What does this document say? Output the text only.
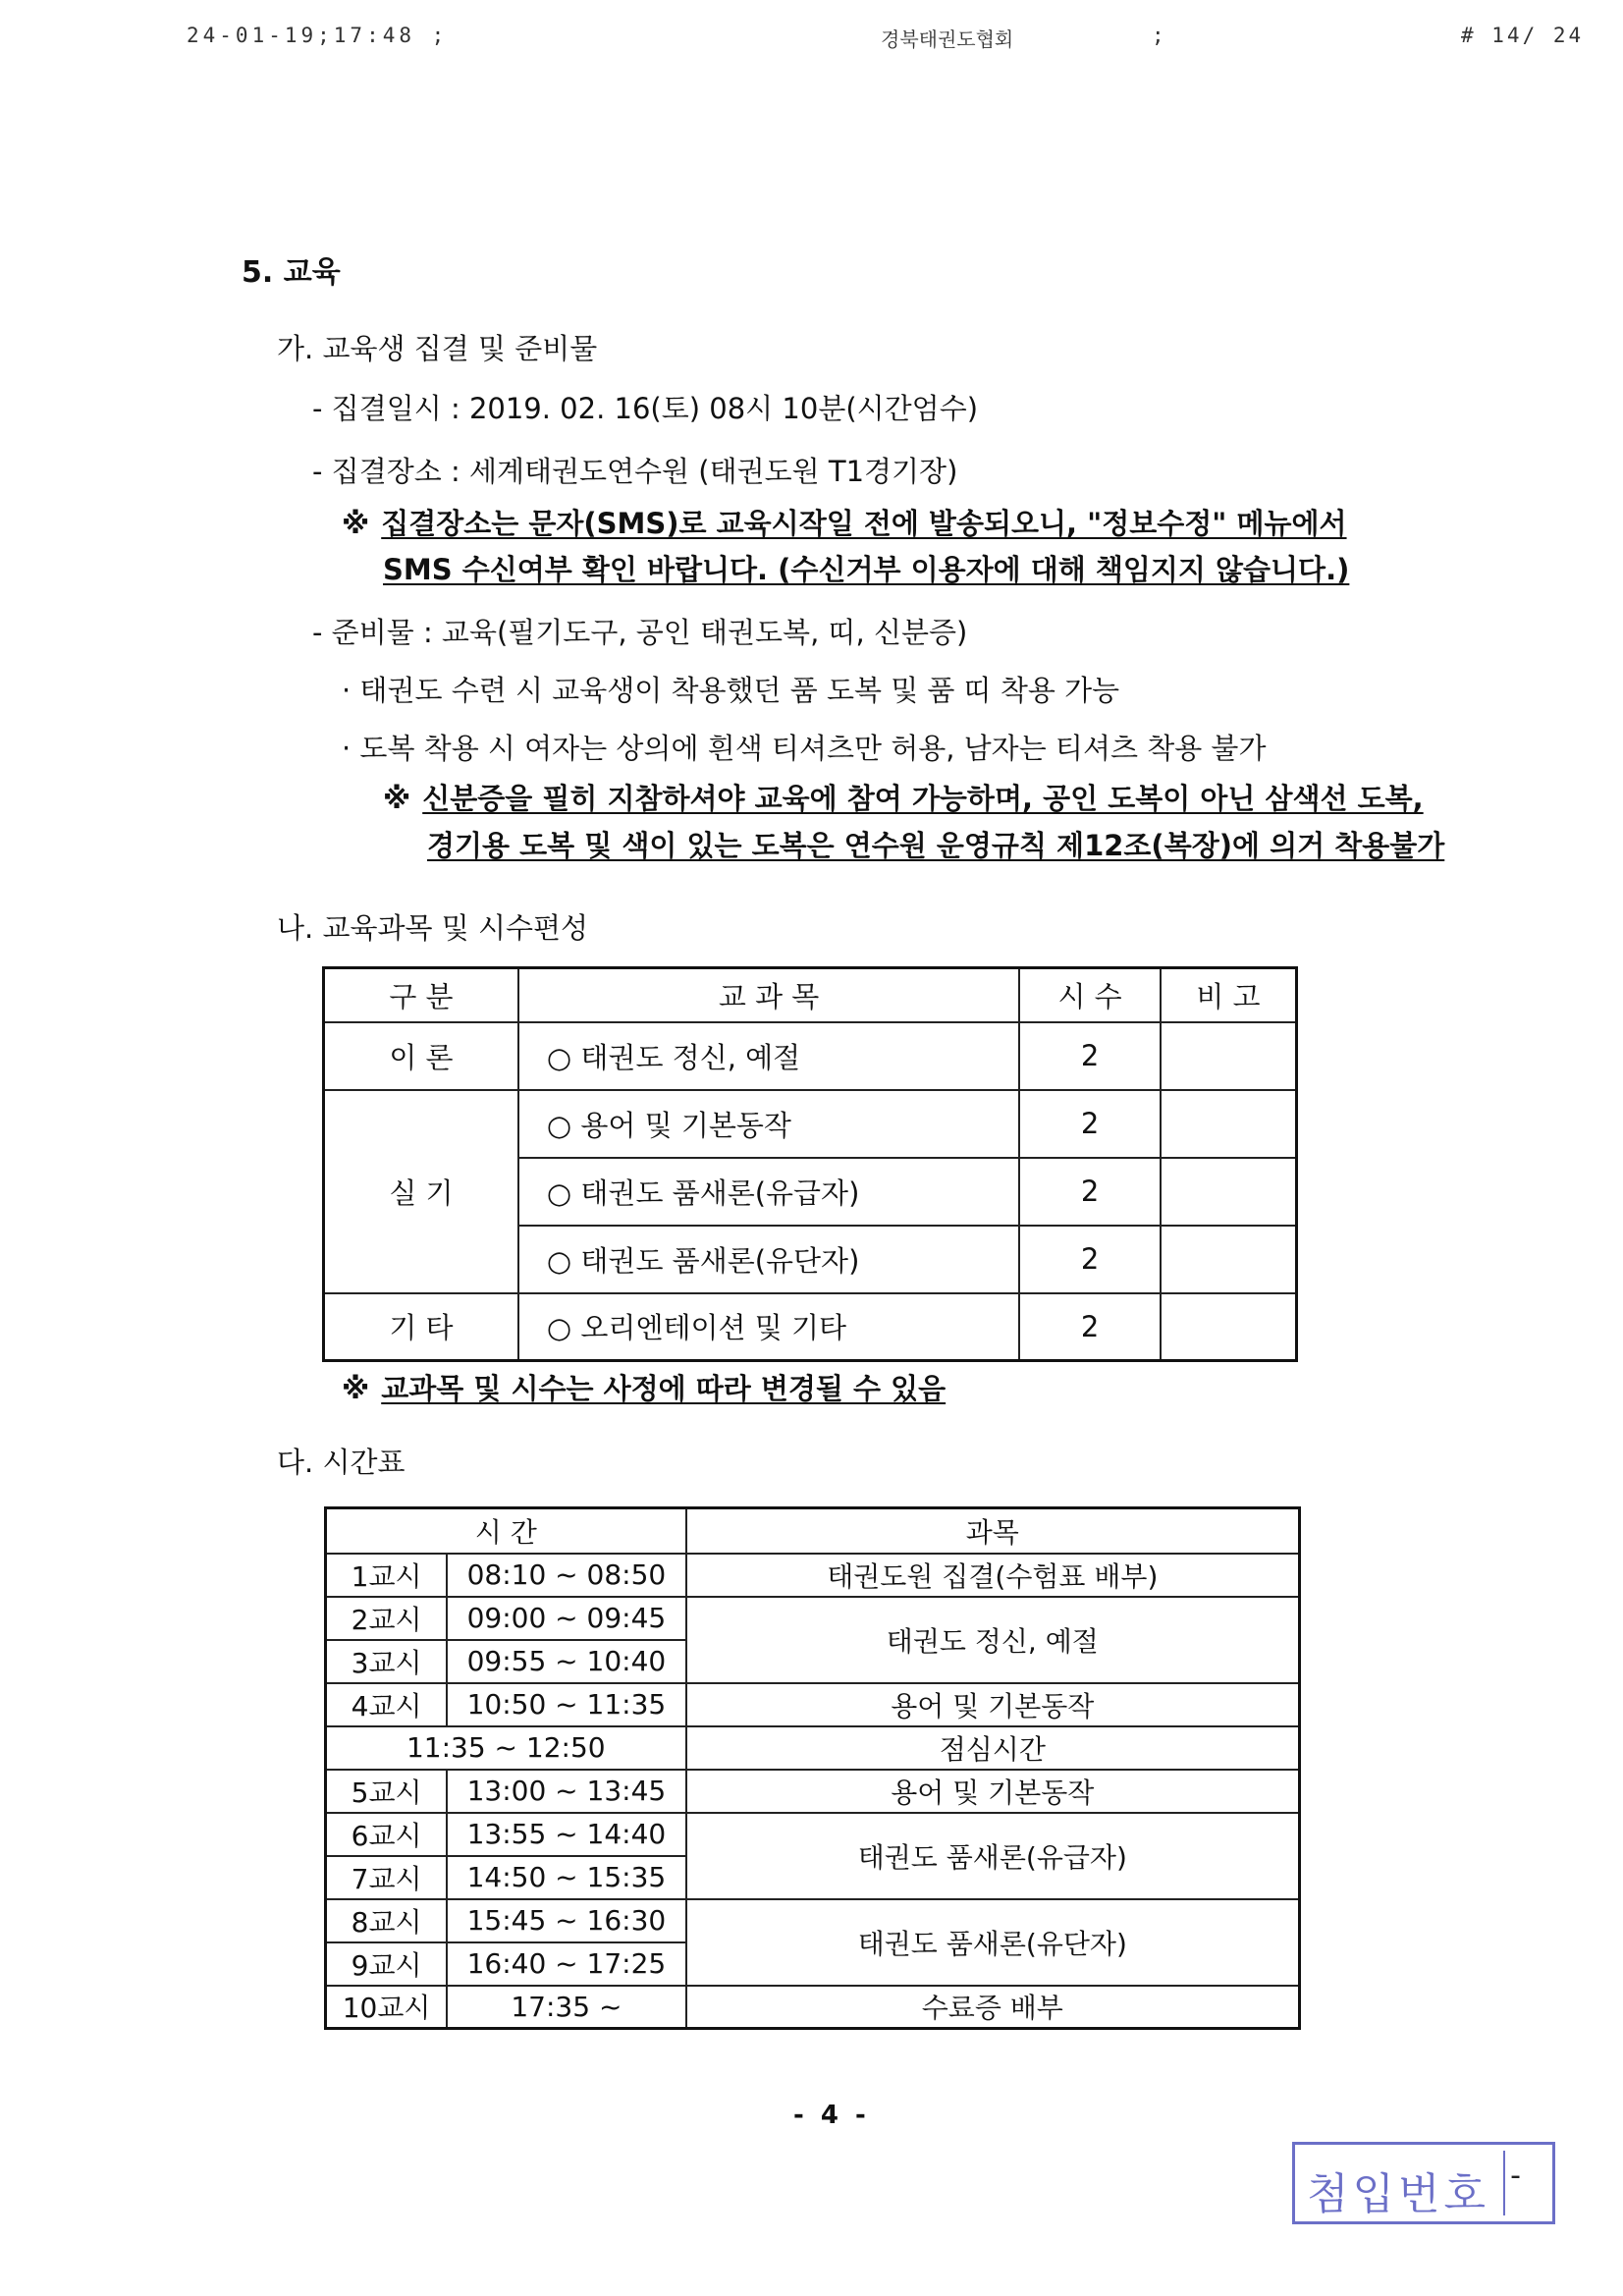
24-01-19;17:48 ;	경북태권도협회	;	# 14/ 24
5. 교육
가. 교육생 집결 및 준비물
- 집결일시 : 2019. 02. 16(토) 08시 10분(시간엄수)
- 집결장소 : 세계태권도연수원 (태권도원 T1경기장)
※ 집결장소는 문자(SMS)로 교육시작일 전에 발송되오니, "정보수정" 메뉴에서
SMS 수신여부 확인 바랍니다. (수신거부 이용자에 대해 책임지지 않습니다.)
- 준비물 : 교육(필기도구, 공인 태권도복, 띠, 신분증)
· 태권도 수련 시 교육생이 착용했던 품 도복 및 품 띠 착용 가능
· 도복 착용 시 여자는 상의에 흰색 티셔츠만 허용, 남자는 티셔츠 착용 불가
※ 신분증을 필히 지참하셔야 교육에 참여 가능하며, 공인 도복이 아닌 삼색선 도복,
경기용 도복 및 색이 있는 도복은 연수원 운영규칙 제12조(복장)에 의거 착용불가
나. 교육과목 및 시수편성
구 분	교 과 목	시 수	비 고
이 론	○ 태권도 정신, 예절	2	
실 기	○ 용어 및 기본동작	2	
	○ 태권도 품새론(유급자)	2	
	○ 태권도 품새론(유단자)	2	
기 타	○ 오리엔테이션 및 기타	2	
※ 교과목 및 시수는 사정에 따라 변경될 수 있음
다. 시간표
시 간		과목
1교시	08:10 ~ 08:50	태권도원 집결(수험표 배부)
2교시	09:00 ~ 09:45	태권도 정신, 예절
3교시	09:55 ~ 10:40	
4교시	10:50 ~ 11:35	용어 및 기본동작
11:35 ~ 12:50		점심시간
5교시	13:00 ~ 13:45	용어 및 기본동작
6교시	13:55 ~ 14:40	태권도 품새론(유급자)
7교시	14:50 ~ 15:35	
8교시	15:45 ~ 16:30	태권도 품새론(유단자)
9교시	16:40 ~ 17:25	
10교시	17:35 ~	수료증 배부
- 4 -
첨입번호 -
